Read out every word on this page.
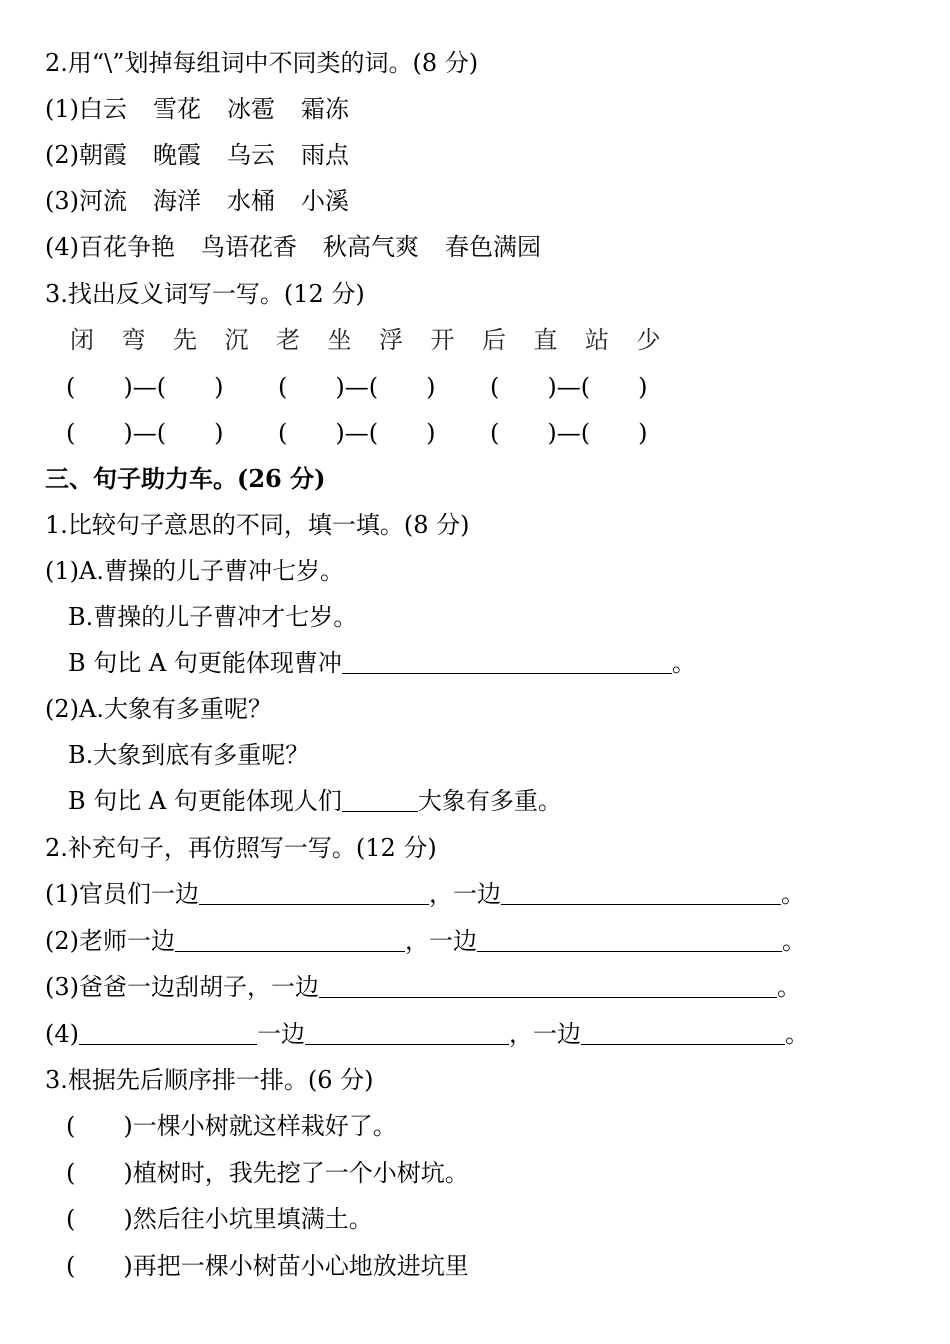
2.用“\”划掉每组词中不同类的词。(8 分)
(1)白云 雪花 冰雹 霜冻
(2)朝霞 晚霞 乌云 雨点
(3)河流 海洋 水桶 小溪
(4)百花争艳 鸟语花香 秋高气爽 春色满园
3.找出反义词写一写。(12 分)
闭 弯 先 沉 老 坐 浮 开 后 直 站 少
(　　)—(　　) (　　)—(　　) (　　)—(　　)
(　　)—(　　) (　　)—(　　) (　　)—(　　)
三、句子助力车。(26 分)
1.比较句子意思的不同，填一填。(8 分)
(1)A.曹操的儿子曹冲七岁。
B.曹操的儿子曹冲才七岁。
B 句比 A 句更能体现曹冲	。
(2)A.大象有多重呢？
B.大象到底有多重呢？
B 句比 A 句更能体现人们	大象有多重。
2.补充句子，再仿照写一写。(12 分)
(1)官员们一边	，一边	。
(2)老师一边	，一边	。
(3)爸爸一边刮胡子，一边	。
(4)	一边	，一边	。
3.根据先后顺序排一排。(6 分)
(　　)一棵小树就这样栽好了。
(　　)植树时，我先挖了一个小树坑。
(　　)然后往小坑里填满土。
(　　)再把一棵小树苗小心地放进坑里
